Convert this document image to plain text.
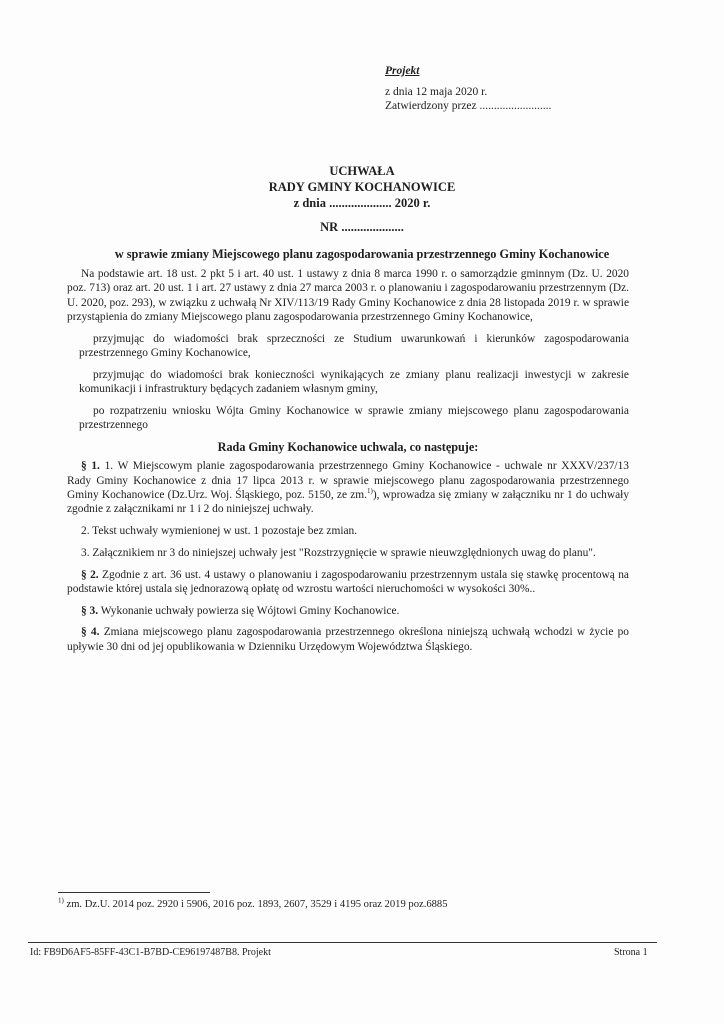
Projekt
z dnia 12 maja 2020 r.
Zatwierdzony przez .........................
UCHWAŁA
RADY GMINY KOCHANOWICE
z dnia .................... 2020 r.
NR ....................
w sprawie zmiany Miejscowego planu zagospodarowania przestrzennego Gminy Kochanowice

Na podstawie art. 18 ust. 2 pkt 5 i art. 40 ust. 1 ustawy z dnia 8 marca 1990 r. o samorządzie gminnym (Dz. U. 2020 poz. 713) oraz art. 20 ust. 1 i art. 27 ustawy z dnia 27 marca 2003 r. o planowaniu i zagospodarowaniu przestrzennym (Dz. U. 2020, poz. 293), w związku z uchwałą Nr XIV/113/19 Rady Gminy Kochanowice z dnia 28 listopada 2019 r. w sprawie przystąpienia do zmiany Miejscowego planu zagospodarowania przestrzennego Gminy Kochanowice,

przyjmując do wiadomości brak sprzeczności ze Studium uwarunkowań i kierunków zagospodarowania przestrzennego Gminy Kochanowice,

przyjmując do wiadomości brak konieczności wynikających ze zmiany planu realizacji inwestycji w zakresie komunikacji i infrastruktury będących zadaniem własnym gminy,

po rozpatrzeniu wniosku Wójta Gminy Kochanowice w sprawie zmiany miejscowego planu zagospodarowania przestrzennego

Rada Gminy Kochanowice uchwala, co następuje:

§ 1. 1. W Miejscowym planie zagospodarowania przestrzennego Gminy Kochanowice - uchwale nr XXXV/237/13 Rady Gminy Kochanowice z dnia 17 lipca 2013 r. w sprawie miejscowego planu zagospodarowania przestrzennego Gminy Kochanowice (Dz.Urz. Woj. Śląskiego, poz. 5150, ze zm.$^{1)}$), wprowadza się zmiany w załączniku nr 1 do uchwały zgodnie z załącznikami nr 1 i 2 do niniejszej uchwały.

2. Tekst uchwały wymienionej w ust. 1 pozostaje bez zmian.

3. Załącznikiem nr 3 do niniejszej uchwały jest "Rozstrzygnięcie w sprawie nieuwzględnionych uwag do planu".

§ 2. Zgodnie z art. 36 ust. 4 ustawy o planowaniu i zagospodarowaniu przestrzennym ustala się stawkę procentową na podstawie której ustala się jednorazową opłatę od wzrostu wartości nieruchomości w wysokości 30%..

§ 3. Wykonanie uchwały powierza się Wójtowi Gminy Kochanowice.

§ 4. Zmiana miejscowego planu zagospodarowania przestrzennego określona niniejszą uchwałą wchodzi w życie po upływie 30 dni od jej opublikowania w Dzienniku Urzędowym Województwa Śląskiego.

$^{1)}$ zm. Dz.U. 2014 poz. 2920 i 5906, 2016 poz. 1893, 2607, 3529 i 4195 oraz 2019 poz.6885
Id: FB9D6AF5-85FF-43C1-B7BD-CE96197487B8. Projekt	Strona 1
